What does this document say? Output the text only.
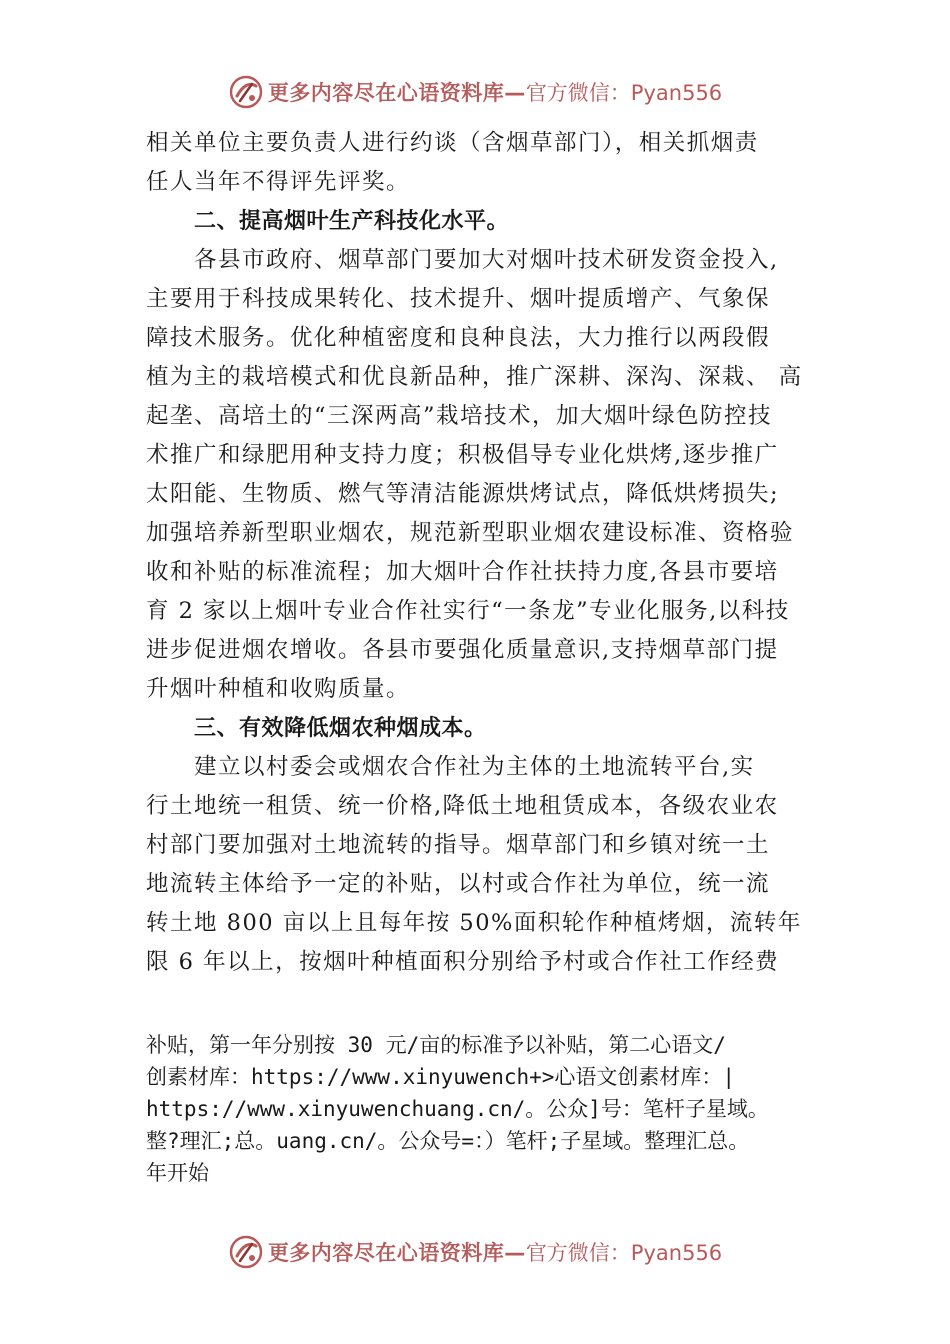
更多内容尽在心语资料库— 官方微信：Pyan556
相关单位主要负责人进行约谈（含烟草部门），相关抓烟责
任人当年不得评先评奖。
二、提高烟叶生产科技化水平。
各县市政府、烟草部门要加大对烟叶技术研发资金投入,
主要用于科技成果转化、技术提升、烟叶提质增产、气象保
障技术服务。优化种植密度和良种良法，大力推行以两段假
植为主的栽培模式和优良新品种，推广深耕、深沟、深栽、 高
起垄、高培土的“三深两高”栽培技术，加大烟叶绿色防控技
术推广和绿肥用种支持力度；积极倡导专业化烘烤,逐步推广
太阳能、生物质、燃气等清洁能源烘烤试点，降低烘烤损失;
加强培养新型职业烟农，规范新型职业烟农建设标准、资格验
收和补贴的标准流程；加大烟叶合作社扶持力度,各县市要培
育 2 家以上烟叶专业合作社实行“一条龙”专业化服务,以科技
进步促进烟农增收。各县市要强化质量意识,支持烟草部门提
升烟叶种植和收购质量。
三、有效降低烟农种烟成本。
建立以村委会或烟农合作社为主体的土地流转平台,实
行土地统一租赁、统一价格,降低土地租赁成本，各级农业农
村部门要加强对土地流转的指导。烟草部门和乡镇对统一土
地流转主体给予一定的补贴，以村或合作社为单位，统一流
转土地 800 亩以上且每年按 50%面积轮作种植烤烟，流转年
限 6 年以上，按烟叶种植面积分别给予村或合作社工作经费
补贴，第一年分别按 30 元/亩的标准予以补贴，第二心语文/
创素材库：https://www.xinyuwench+>心语文创素材库：|
https://www.xinyuwenchuang.cn/。公众]号：笔杆子星域。
整?理汇;总。uang.cn/。公众号=：）笔杆;子星域。整理汇总。
年开始
更多内容尽在心语资料库— 官方微信：Pyan556
